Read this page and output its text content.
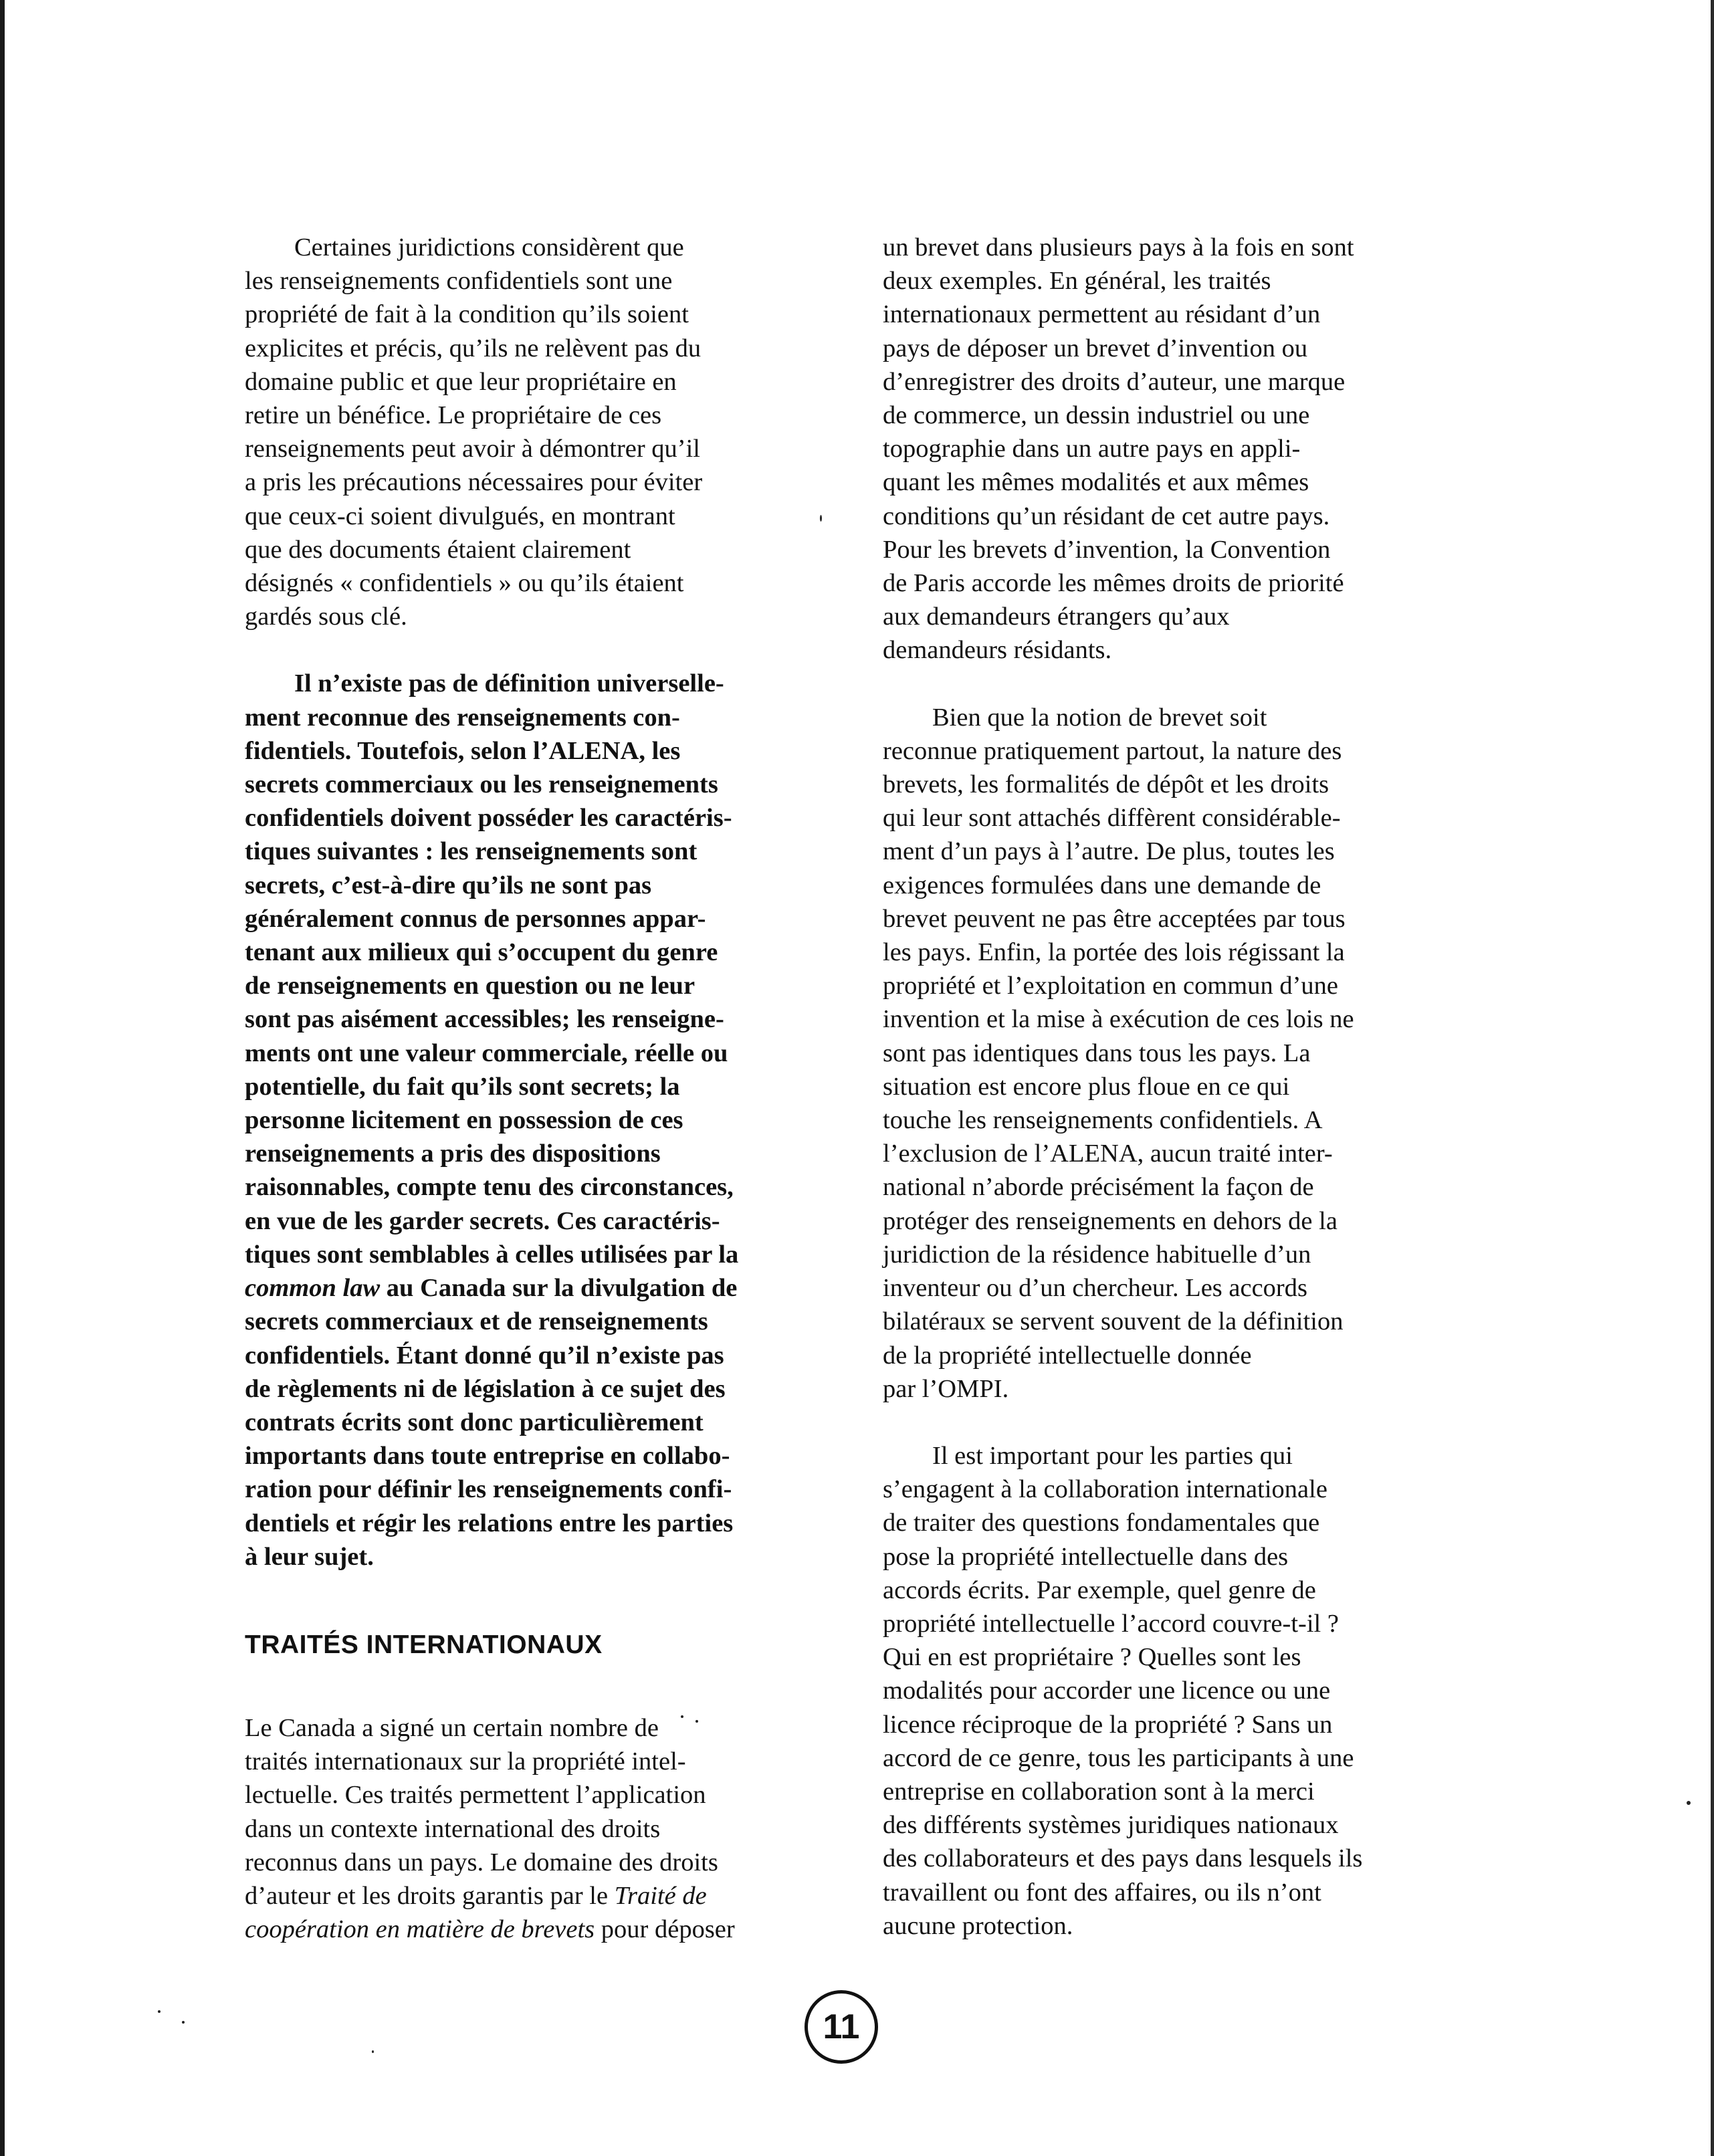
Certaines juridictions considèrent que
les renseignements confidentiels sont une
propriété de fait à la condition qu’ils soient
explicites et précis, qu’ils ne relèvent pas du
domaine public et que leur propriétaire en
retire un bénéfice. Le propriétaire de ces
renseignements peut avoir à démontrer qu’il
a pris les précautions nécessaires pour éviter
que ceux-ci soient divulgués, en montrant
que des documents étaient clairement
désignés « confidentiels » ou qu’ils étaient
gardés sous clé.

Il n’existe pas de définition universelle-
ment reconnue des renseignements con-
fidentiels. Toutefois, selon l’ALENA, les
secrets commerciaux ou les renseignements
confidentiels doivent posséder les caractéris-
tiques suivantes : les renseignements sont
secrets, c’est-à-dire qu’ils ne sont pas
généralement connus de personnes appar-
tenant aux milieux qui s’occupent du genre
de renseignements en question ou ne leur
sont pas aisément accessibles; les renseigne-
ments ont une valeur commerciale, réelle ou
potentielle, du fait qu’ils sont secrets; la
personne licitement en possession de ces
renseignements a pris des dispositions
raisonnables, compte tenu des circonstances,
en vue de les garder secrets. Ces caractéris-
tiques sont semblables à celles utilisées par la
common law au Canada sur la divulgation de
secrets commerciaux et de renseignements
confidentiels. Étant donné qu’il n’existe pas
de règlements ni de législation à ce sujet des
contrats écrits sont donc particulièrement
importants dans toute entreprise en collabo-
ration pour définir les renseignements confi-
dentiels et régir les relations entre les parties
à leur sujet.

TRAITÉS INTERNATIONAUX

Le Canada a signé un certain nombre de
traités internationaux sur la propriété intel-
lectuelle. Ces traités permettent l’application
dans un contexte international des droits
reconnus dans un pays. Le domaine des droits
d’auteur et les droits garantis par le Traité de
coopération en matière de brevets pour déposer

un brevet dans plusieurs pays à la fois en sont
deux exemples. En général, les traités
internationaux permettent au résidant d’un
pays de déposer un brevet d’invention ou
d’enregistrer des droits d’auteur, une marque
de commerce, un dessin industriel ou une
topographie dans un autre pays en appli-
quant les mêmes modalités et aux mêmes
conditions qu’un résidant de cet autre pays.
Pour les brevets d’invention, la Convention
de Paris accorde les mêmes droits de priorité
aux demandeurs étrangers qu’aux
demandeurs résidants.

Bien que la notion de brevet soit
reconnue pratiquement partout, la nature des
brevets, les formalités de dépôt et les droits
qui leur sont attachés diffèrent considérable-
ment d’un pays à l’autre. De plus, toutes les
exigences formulées dans une demande de
brevet peuvent ne pas être acceptées par tous
les pays. Enfin, la portée des lois régissant la
propriété et l’exploitation en commun d’une
invention et la mise à exécution de ces lois ne
sont pas identiques dans tous les pays. La
situation est encore plus floue en ce qui
touche les renseignements confidentiels. A
l’exclusion de l’ALENA, aucun traité inter-
national n’aborde précisément la façon de
protéger des renseignements en dehors de la
juridiction de la résidence habituelle d’un
inventeur ou d’un chercheur. Les accords
bilatéraux se servent souvent de la définition
de la propriété intellectuelle donnée
par l’OMPI.

Il est important pour les parties qui
s’engagent à la collaboration internationale
de traiter des questions fondamentales que
pose la propriété intellectuelle dans des
accords écrits. Par exemple, quel genre de
propriété intellectuelle l’accord couvre-t-il ?
Qui en est propriétaire ? Quelles sont les
modalités pour accorder une licence ou une
licence réciproque de la propriété ? Sans un
accord de ce genre, tous les participants à une
entreprise en collaboration sont à la merci
des différents systèmes juridiques nationaux
des collaborateurs et des pays dans lesquels ils
travaillent ou font des affaires, ou ils n’ont
aucune protection.

11
